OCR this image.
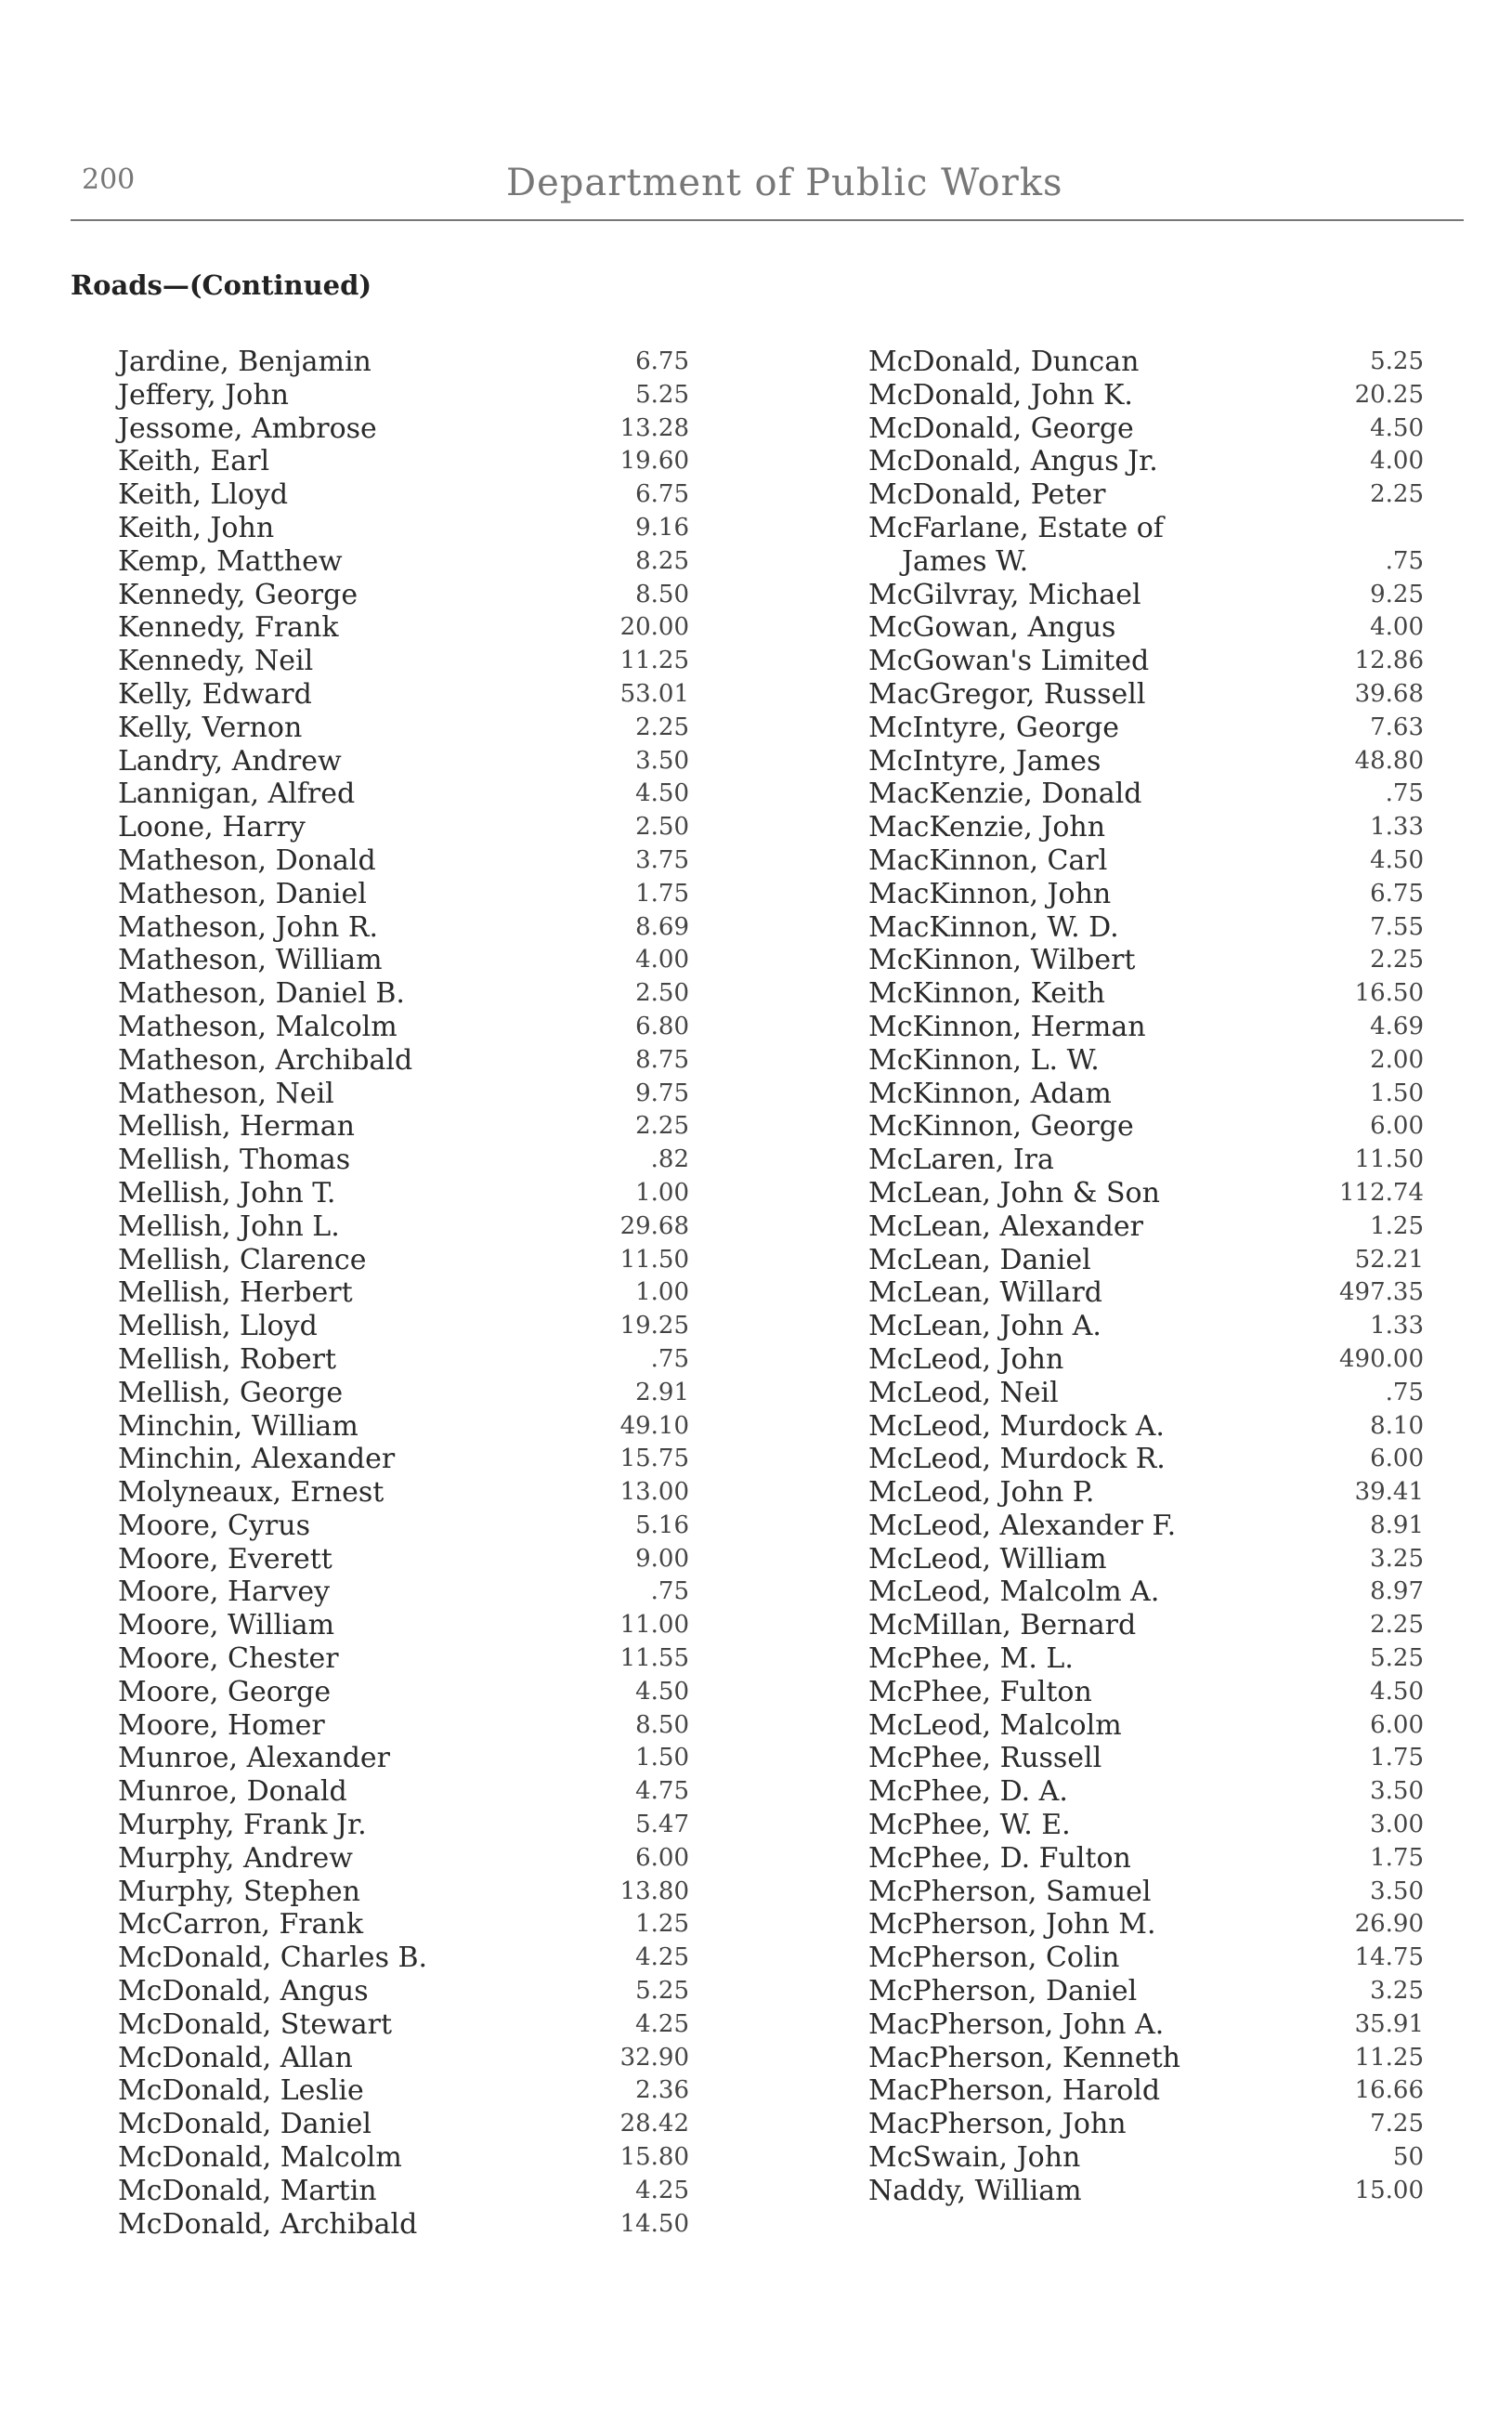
200	Department of Public Works
Roads—(Continued)
Jardine, Benjamin	6.75
Jeffery, John	5.25
Jessome, Ambrose	13.28
Keith, Earl	19.60
Keith, Lloyd	6.75
Keith, John	9.16
Kemp, Matthew	8.25
Kennedy, George	8.50
Kennedy, Frank	20.00
Kennedy, Neil	11.25
Kelly, Edward	53.01
Kelly, Vernon	2.25
Landry, Andrew	3.50
Lannigan, Alfred	4.50
Loone, Harry	2.50
Matheson, Donald	3.75
Matheson, Daniel	1.75
Matheson, John R.	8.69
Matheson, William	4.00
Matheson, Daniel B.	2.50
Matheson, Malcolm	6.80
Matheson, Archibald	8.75
Matheson, Neil	9.75
Mellish, Herman	2.25
Mellish, Thomas	.82
Mellish, John T.	1.00
Mellish, John L.	29.68
Mellish, Clarence	11.50
Mellish, Herbert	1.00
Mellish, Lloyd	19.25
Mellish, Robert	.75
Mellish, George	2.91
Minchin, William	49.10
Minchin, Alexander	15.75
Molyneaux, Ernest	13.00
Moore, Cyrus	5.16
Moore, Everett	9.00
Moore, Harvey	.75
Moore, William	11.00
Moore, Chester	11.55
Moore, George	4.50
Moore, Homer	8.50
Munroe, Alexander	1.50
Munroe, Donald	4.75
Murphy, Frank Jr.	5.47
Murphy, Andrew	6.00
Murphy, Stephen	13.80
McCarron, Frank	1.25
McDonald, Charles B.	4.25
McDonald, Angus	5.25
McDonald, Stewart	4.25
McDonald, Allan	32.90
McDonald, Leslie	2.36
McDonald, Daniel	28.42
McDonald, Malcolm	15.80
McDonald, Martin	4.25
McDonald, Archibald	14.50
McDonald, Duncan	5.25
McDonald, John K.	20.25
McDonald, George	4.50
McDonald, Angus Jr.	4.00
McDonald, Peter	2.25
McFarlane, Estate of
James W.	.75
McGilvray, Michael	9.25
McGowan, Angus	4.00
McGowan's Limited	12.86
MacGregor, Russell	39.68
McIntyre, George	7.63
McIntyre, James	48.80
MacKenzie, Donald	.75
MacKenzie, John	1.33
MacKinnon, Carl	4.50
MacKinnon, John	6.75
MacKinnon, W. D.	7.55
McKinnon, Wilbert	2.25
McKinnon, Keith	16.50
McKinnon, Herman	4.69
McKinnon, L. W.	2.00
McKinnon, Adam	1.50
McKinnon, George	6.00
McLaren, Ira	11.50
McLean, John & Son	112.74
McLean, Alexander	1.25
McLean, Daniel	52.21
McLean, Willard	497.35
McLean, John A.	1.33
McLeod, John	490.00
McLeod, Neil	.75
McLeod, Murdock A.	8.10
McLeod, Murdock R.	6.00
McLeod, John P.	39.41
McLeod, Alexander F.	8.91
McLeod, William	3.25
McLeod, Malcolm A.	8.97
McMillan, Bernard	2.25
McPhee, M. L.	5.25
McPhee, Fulton	4.50
McLeod, Malcolm	6.00
McPhee, Russell	1.75
McPhee, D. A.	3.50
McPhee, W. E.	3.00
McPhee, D. Fulton	1.75
McPherson, Samuel	3.50
McPherson, John M.	26.90
McPherson, Colin	14.75
McPherson, Daniel	3.25
MacPherson, John A.	35.91
MacPherson, Kenneth	11.25
MacPherson, Harold	16.66
MacPherson, John	7.25
McSwain, John	50
Naddy, William	15.00
